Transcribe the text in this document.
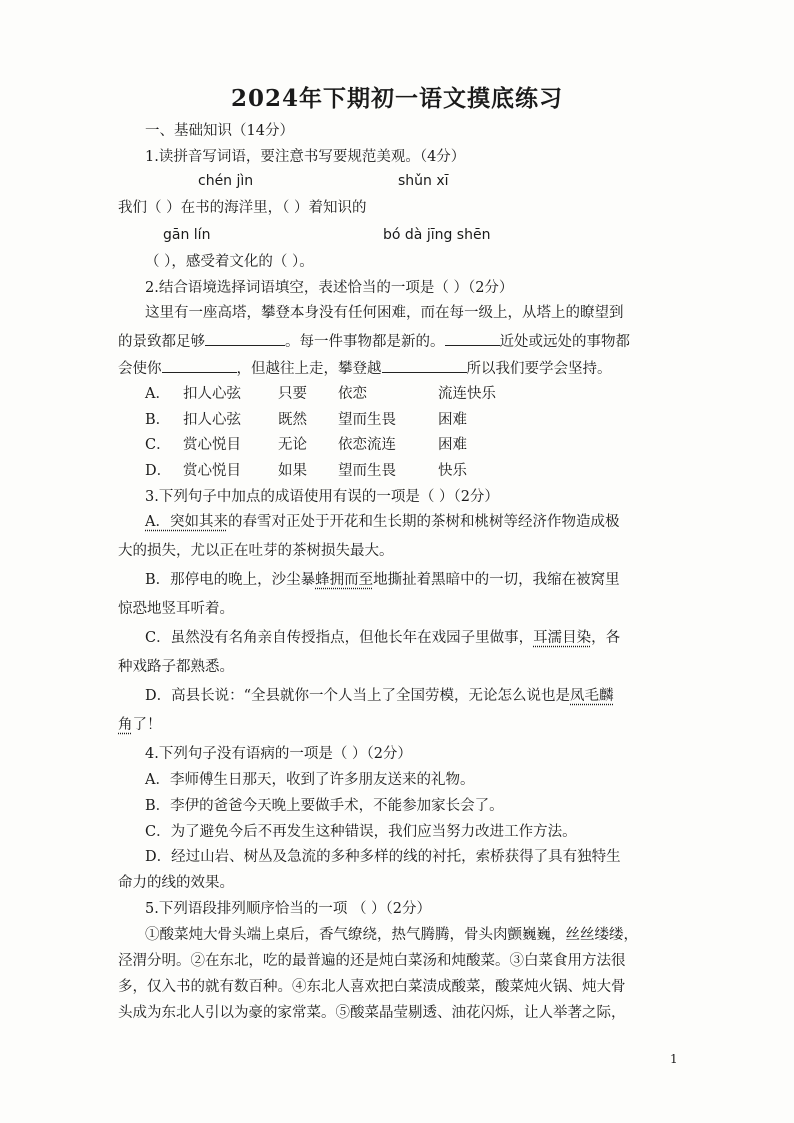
2024年下期初一语文摸底练习
一、基础知识（14分）
1.读拼音写词语，要注意书写要规范美观。（4分）
chén jìn	shǔn xī
我们（ ）在书的海洋里，（ ）着知识的
gān lín	bó dà jīng shēn
（ ），感受着文化的（ ）。
2.结合语境选择词语填空，表述恰当的一项是（ ）（2分）
这里有一座高塔，攀登本身没有任何困难，而在每一级上，从塔上的瞭望到
的景致都足够	。每一件事物都是新的。	近处或远处的事物都
会使你	，但越往上走，攀登越	所以我们要学会坚持。
A． 扣人心弦	只要 依恋	流连快乐
B． 扣人心弦	既然 望而生畏	困难
C． 赏心悦目	无论 依恋流连	困难
D． 赏心悦目	如果 望而生畏	快乐
3.下列句子中加点的成语使用有误的一项是（ ）（2分）
A．突如其来的春雪对正处于开花和生长期的茶树和桃树等经济作物造成极
大的损失，尤以正在吐芽的茶树损失最大。
B．那停电的晚上，沙尘暴蜂拥而至地撕扯着黑暗中的一切，我缩在被窝里
惊恐地竖耳听着。
C．虽然没有名角亲自传授指点，但他长年在戏园子里做事，耳濡目染，各
种戏路子都熟悉。
D．高县长说：“全县就你一个人当上了全国劳模，无论怎么说也是凤毛麟
角了！
4.下列句子没有语病的一项是（ ）（2分）
A．李师傅生日那天，收到了许多朋友送来的礼物。
B．李伊的爸爸今天晚上要做手术，不能参加家长会了。
C．为了避免今后不再发生这种错误，我们应当努力改进工作方法。
D．经过山岩、树丛及急流的多种多样的线的衬托，索桥获得了具有独特生
命力的线的效果。
5.下列语段排列顺序恰当的一项 （ ）（2分）
①酸菜炖大骨头端上桌后，香气缭绕，热气腾腾，骨头肉颤巍巍，丝丝缕缕，
泾渭分明。②在东北，吃的最普遍的还是炖白菜汤和炖酸菜。③白菜食用方法很
多，仅入书的就有数百种。④东北人喜欢把白菜渍成酸菜，酸菜炖火锅、炖大骨
头成为东北人引以为豪的家常菜。⑤酸菜晶莹剔透、油花闪烁，让人举著之际，
1
